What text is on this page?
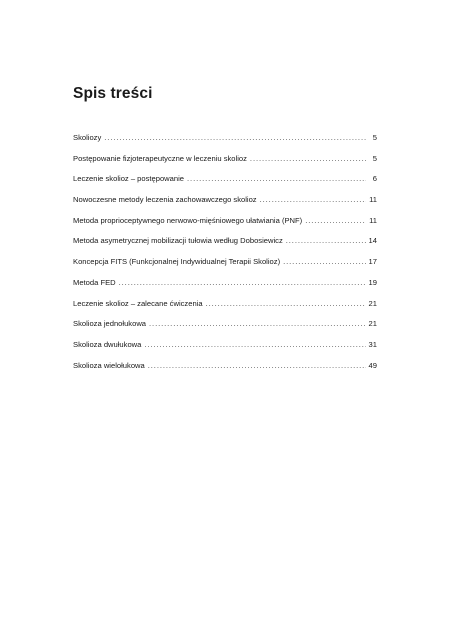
Spis treści
Skoliozy . . .	5
Postępowanie fizjoterapeutyczne w leczeniu skolioz . . .	5
Leczenie skolioz – postępowanie . . .	6
Nowoczesne metody leczenia zachowawczego skolioz . . .	11
Metoda proprioceptywnego nerwowo-mięśniowego ułatwiania (PNF) . . .	11
Metoda asymetrycznej mobilizacji tułowia według Dobosiewicz . . .	14
Koncepcja FITS (Funkcjonalnej Indywidualnej Terapii Skolioz) . . .	17
Metoda FED . . .	19
Leczenie skolioz – zalecane ćwiczenia . . .	21
Skolioza jednołukowa . . .	21
Skolioza dwułukowa . . .	31
Skolioza wielołukowa . . .	49
